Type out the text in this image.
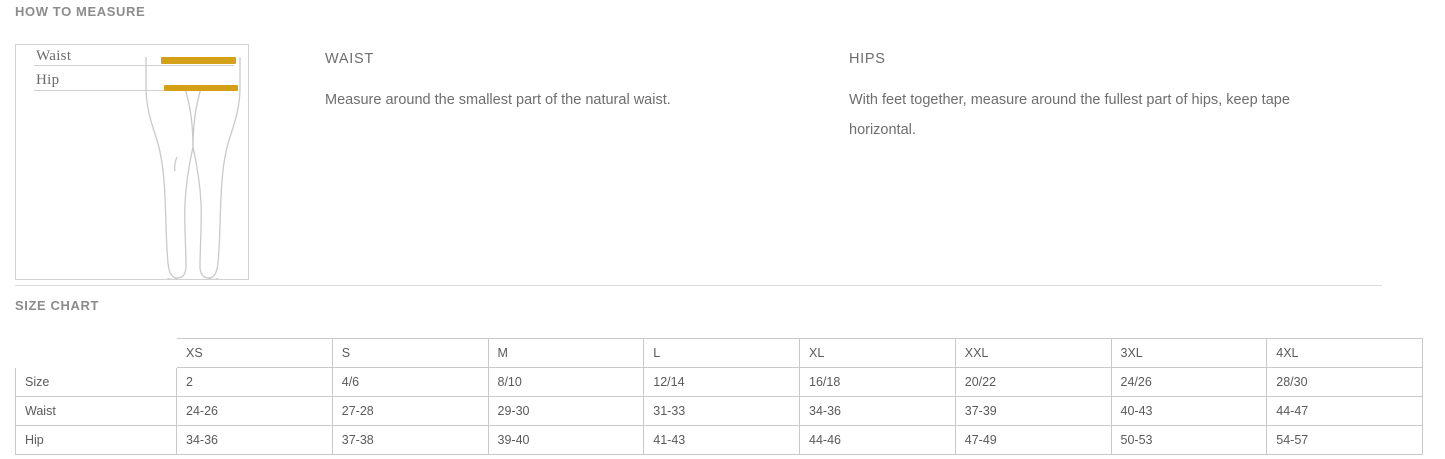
HOW TO MEASURE
Waist
Hip

WAIST

Measure around the smallest part of the natural waist.

HIPS

With feet together, measure around the fullest part of hips, keep tape horizontal.

SIZE CHART
	XS	S	M	L	XL	XXL	3XL	4XL
Size	2	4/6	8/10	12/14	16/18	20/22	24/26	28/30
Waist	24-26	27-28	29-30	31-33	34-36	37-39	40-43	44-47
Hip	34-36	37-38	39-40	41-43	44-46	47-49	50-53	54-57
